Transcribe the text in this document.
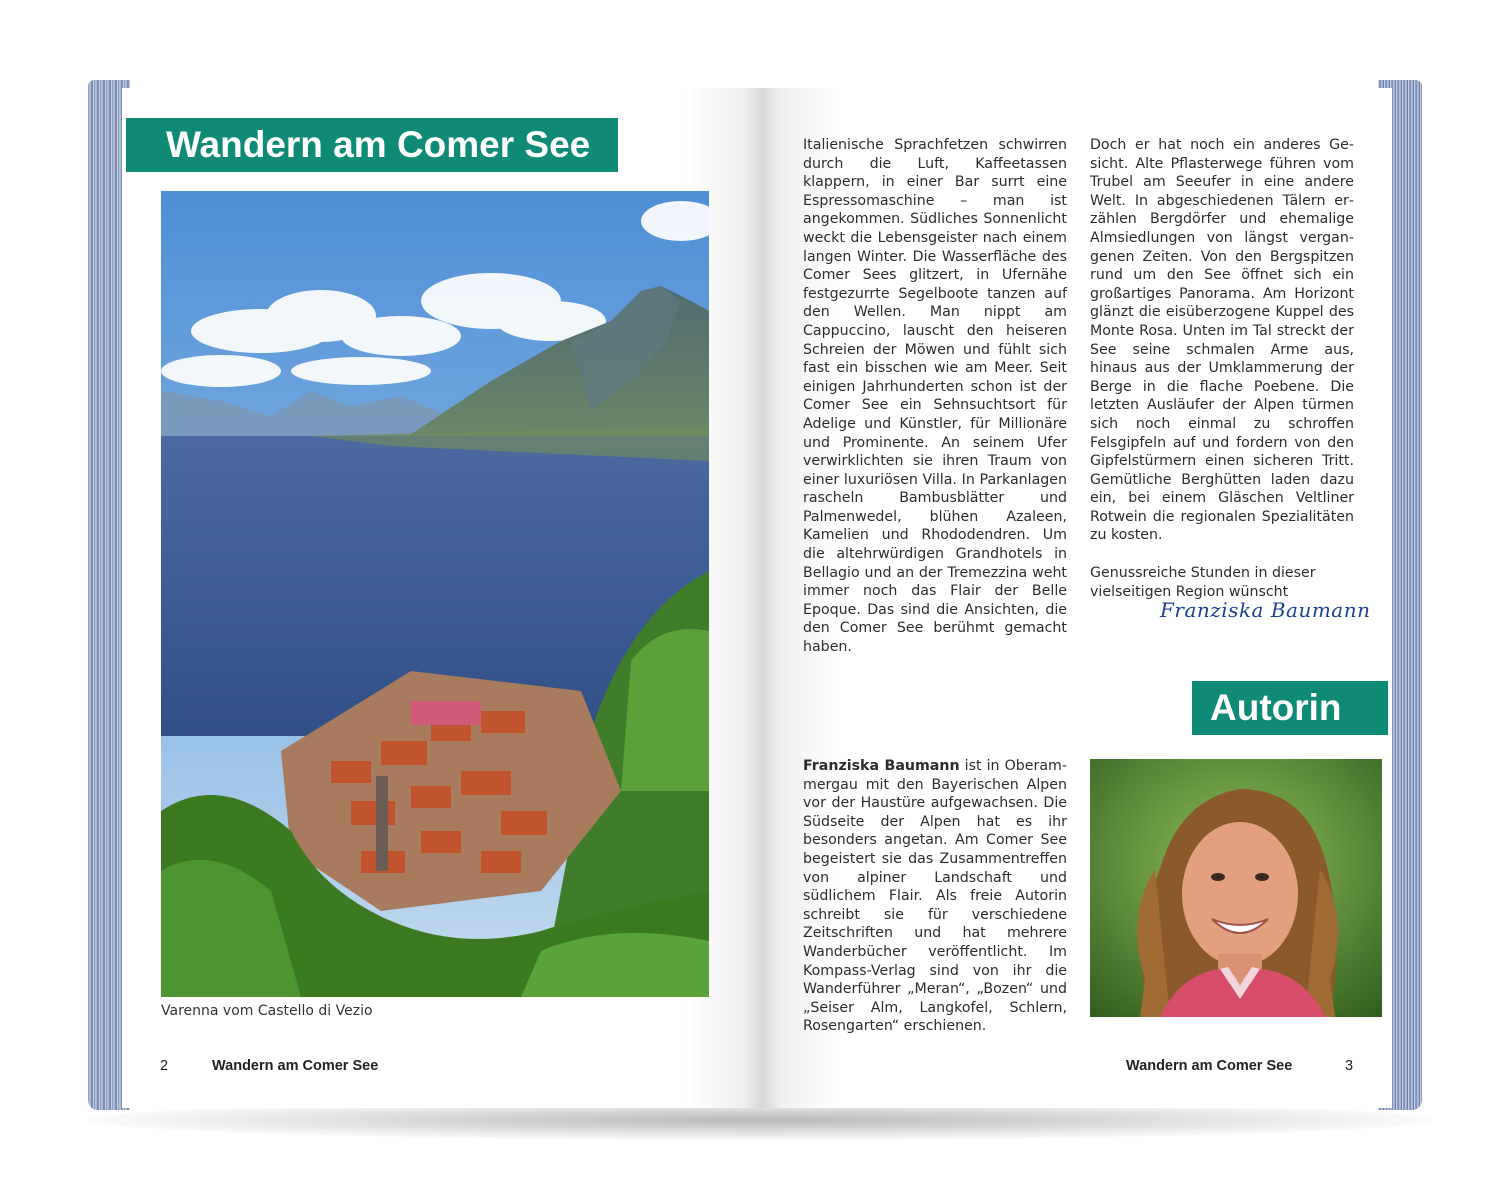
Wandern am Comer See
Varenna vom Castello di Vezio
2	Wandern am Comer See

Italienische Sprachfetzen schwirren durch die Luft, Kaffeetassen klappern, in einer Bar surrt eine Espressomaschine – man ist angekommen. Südliches Sonnenlicht weckt die Lebensgeister nach einem langen Winter. Die Wasserfläche des Comer Sees glitzert, in Ufernähe festgezurrte Segelboote tanzen auf den Wellen. Man nippt am Cappuccino, lauscht den heiseren Schreien der Möwen und fühlt sich fast ein bisschen wie am Meer. Seit einigen Jahrhunderten schon ist der Comer See ein Sehnsuchtsort für Adelige und Künstler, für Millionäre und Prominente. An seinem Ufer verwirklichten sie ihren Traum von einer luxuriösen Villa. In Parkanlagen rascheln Bambusblätter und Palmenwedel, blühen Azaleen, Kamelien und Rhododendren. Um die altehrwürdigen Grandhotels in Bellagio und an der Tremezzina weht immer noch das Flair der Belle Epoque. Das sind die Ansichten, die den Comer See berühmt gemacht haben.

Doch er hat noch ein anderes Gesicht. Alte Pflasterwege führen vom Trubel am Seeufer in eine andere Welt. In abgeschiedenen Tälern erzählen Bergdörfer und ehemalige Almsiedlungen von längst vergangenen Zeiten. Von den Bergspitzen rund um den See öffnet sich ein großartiges Panorama. Am Horizont glänzt die eisüberzogene Kuppel des Monte Rosa. Unten im Tal streckt der See seine schmalen Arme aus, hinaus aus der Umklammerung der Berge in die flache Poebene. Die letzten Ausläufer der Alpen türmen sich noch einmal zu schroffen Felsgipfeln auf und fordern von den Gipfelstürmern einen sicheren Tritt. Gemütliche Berghütten laden dazu ein, bei einem Gläschen Veltliner Rotwein die regionalen Spezialitäten zu kosten.

Genussreiche Stunden in dieser vielseitigen Region wünscht

Franziska Baumann
Autorin

Franziska Baumann ist in Oberammergau mit den Bayerischen Alpen vor der Haustüre aufgewachsen. Die Südseite der Alpen hat es ihr besonders angetan. Am Comer See begeistert sie das Zusammentreffen von alpiner Landschaft und südlichem Flair. Als freie Autorin schreibt sie für verschiedene Zeitschriften und hat mehrere Wanderbücher veröffentlicht. Im Kompass-Verlag sind von ihr die Wanderführer „Meran“, „Bozen“ und „Seiser Alm, Langkofel, Schlern, Rosengarten“ erschienen.

Wandern am Comer See	3
